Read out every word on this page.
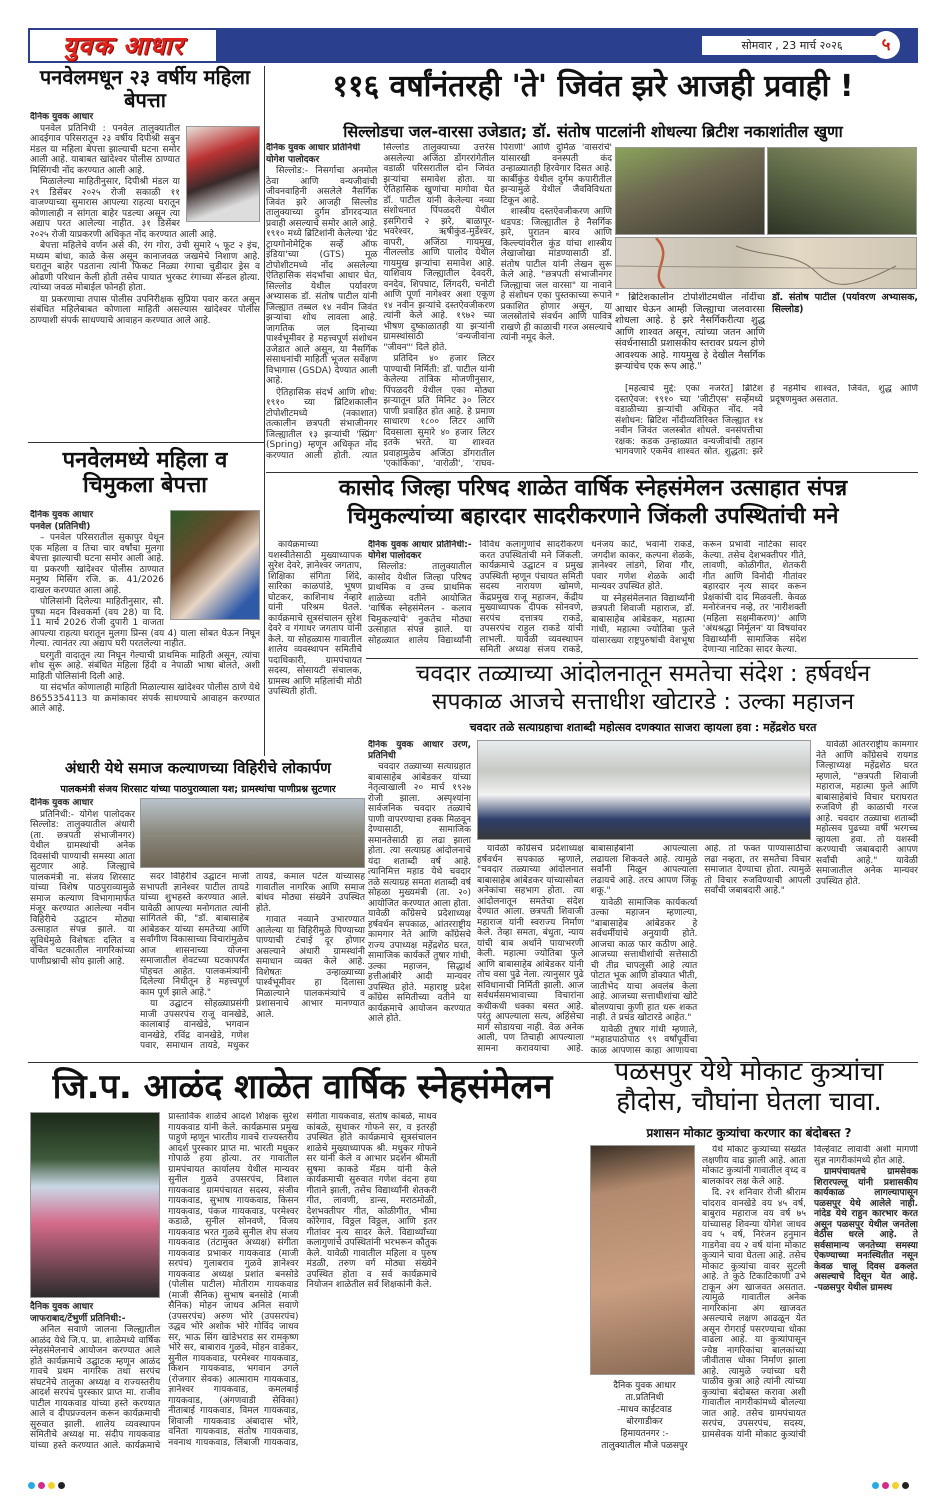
युवक आधार	सोमवार , 23 मार्च २०२६	५
पनवेलमधून २३ वर्षीय महिला बेपत्ता

दैनिक युवक आधार

पनवेल प्रतिनिधी : पनवेल तालुक्यातील आदईगाव परिसरातून २३ वर्षीय दिपीश्री सबुन मंडल या महिला बेपत्ता झाल्याची घटना समोर आली आहे. याबाबत खांदेश्वर पोलीस ठाण्यात मिसिंगची नोंद करण्यात आली आहे.

मिळालेल्या माहितीनुसार, दिपीश्री मंडल या २९ डिसेंबर २०२५ रोजी सकाळी ११ वाजण्याच्या सुमारास आपल्या राहत्या घरातून कोणालाही न सांगता बाहेर पडल्या असून त्या अद्याप परत आलेल्या नाहीत. ३१ डिसेंबर २०२५ रोजी याप्रकरणी अधिकृत नोंद करण्यात आली आहे.

बेपत्ता महिलेचे वर्णन असे की, रंग गोरा, उंची सुमारे ५ फूट २ इंच, मध्यम बांधा, काळे केस असून कानाजवळ जखमेचे निशाण आहे. घरातून बाहेर पडताना त्यांनी फिकट निळ्या रंगाचा चुडीदार ड्रेस व ओढणी परिधान केली होती तसेच पायात भुरकट रंगाच्या सॅन्डल होत्या. त्यांच्या जवळ मोबाईल फोनही होता.

या प्रकरणाचा तपास पोलीस उपनिरीक्षक सुप्रिया पवार करत असून संबंधित महिलेबाबत कोणाला माहिती असल्यास खांदेश्वर पोलीस ठाण्याशी संपर्क साधण्याचे आवाहन करण्यात आले आहे.

पनवेलमध्ये महिला व चिमुकला बेपत्ता

दैनिक युवक आधार

पनवेल (प्रतिनिधी)

– पनवेल परिसरातील सुकापुर येथून एक महिला व तिचा चार वर्षांचा मुलगा बेपत्ता झाल्याची घटना समोर आली आहे. या प्रकरणी खांदेश्वर पोलीस ठाण्यात मनुष्य मिसिंग रजि. क्र. 41/2026 दाखल करण्यात आला आहे.

पोलिसांनी दिलेल्या माहितीनुसार, सौ. पुष्पा मदन विश्वकर्मा (वय 28) या दि. 11 मार्च 2026 रोजी दुपारी 1 वाजता आपल्या राहत्या घरातून मुलगा प्रिन्स (वय 4) याला सोबत घेऊन निघून गेल्या. त्यानंतर त्या अद्याप घरी परतलेल्या नाहीत.

घरगुती वादातून त्या निघून गेल्याची प्राथमिक माहिती असून, त्यांचा शोध सुरू आहे. संबंधित महिला हिंदी व नेपाळी भाषा बोलते, अशी माहिती पोलिसांनी दिली आहे.

या संदर्भात कोणालाही माहिती मिळाल्यास खांदेश्वर पोलीस ठाणे येथे 8655354113 या क्रमांकावर संपर्क साधण्याचे आवाहन करण्यात आले आहे.

अंधारी येथे समाज कल्याणच्या विहिरीचे लोकार्पण
पालकमंत्री संजय शिरसाट यांच्या पाठपुराव्याला यश; ग्रामस्थांचा पाणीप्रश्न सुटणार

दैनिक युवक आधार

प्रतिनिधी:- योगेश पालोदकर सिल्लोड: तालुक्यातील अंधारी (ता. छत्रपती संभाजीनगर) येथील ग्रामस्थांची अनेक दिवसांची पाण्याची समस्या आता सुटणार आहे. जिल्ह्याचे पालकमंत्री ना. संजय शिरसाट यांच्या विशेष पाठपुराव्यामुळे समाज कल्याण विभागामार्फत मंजूर करण्यात आलेल्या नवीन विहिरीचे उद्घाटन मोठ्या उत्साहात संपन्न झाले. या सुविधेमुळे विशेषतः दलित व वंचित घटकातील नागरिकांच्या पाणीप्रश्नाची सोय झाली आहे.

सदर विहिरीचे उद्घाटन माजी सभापती ज्ञानेश्वर पाटील तायडे यांच्या शुभहस्ते करण्यात आले. यावेळी आपल्या मनोगतात त्यांनी सांगितले की, "डॉ. बाबासाहेब आंबेडकर यांच्या समतेच्या आणि सर्वांगीण विकासाच्या विचारांमुळेच आज शासनाच्या योजना समाजातील शेवटच्या घटकापर्यंत पोहचत आहेत. पालकमंत्र्यांनी दिलेल्या निधीतून हे महत्त्वपूर्ण काम पूर्ण झाले आहे."

या उद्घाटन सोहळ्याप्रसंगी माजी उपसरपंच राजू वानखेडे, कालाबाई वानखेडे, भगवान वानखेडे, रविंद्र वानखेडे, गणेश पवार, समाधान तायडे, मधुकर तायडे, कमाल पटेल यांच्यासह गावातील नागरिक आणि समाज बांधव मोठ्या संख्येने उपस्थित होते.

गावात नव्याने उभारण्यात आलेल्या या विहिरीमुळे पिण्याच्या पाण्याची टंचाई दूर होणार असल्याने अंधारी ग्रामस्थांनी समाधान व्यक्त केले आहे. विशेषतः उन्हाळ्याच्या पार्श्वभूमीवर हा दिलासा मिळाल्याने पालकमंत्र्यांचे व प्रशासनाचे आभार मानण्यात आले.

११६ वर्षांनंतरही 'ते' जिवंत झरे आजही प्रवाही !
सिल्लोडचा जल-वारसा उजेडात; डॉ. संतोष पाटलांनी शोधल्या ब्रिटीश नकाशांतील खुणा

दैनिक युवक आधार प्रतिनिधी

योगेश पालोदकर

सिल्लोड:- निसर्गाचा अनमोल ठेवा आणि वन्यजीवांची जीवनवाहिनी असलेले नैसर्गिक जिवंत झरे आजही सिल्लोड तालुक्याच्या दुर्गम डोंगरदऱ्यात प्रवाही असल्याचे समोर आले आहे. १९१० मध्ये ब्रिटिशांनी केलेल्या 'ग्रेट ट्रायगोनोमेट्रिक सर्व्हे ऑफ इंडिया'च्या (GTS) मूळ टोपोशीटमध्ये नोंद असलेल्या ऐतिहासिक संदर्भांचा आधार घेत, सिल्लोड येथील पर्यावरण अभ्यासक डॉ. संतोष पाटील यांनी जिल्ह्यात तब्बल १४ नवीन जिवंत झऱ्यांचा शोध लावला आहे. जागतिक जल दिनाच्या पार्श्वभूमीवर हे महत्त्वपूर्ण संशोधन उजेडात आले असून, या नैसर्गिक संसाधनांची माहिती भूजल सर्वेक्षण विभागास (GSDA) देण्यात आली आहे.

ऐतिहासिक संदर्भ आणि शोध: १९१० च्या ब्रिटिशकालीन टोपोशीटमध्ये (नकाशात) तत्कालीन छत्रपती संभाजीनगर जिल्ह्यातील १३ झऱ्यांची 'स्प्रिंग' (Spring) म्हणून अधिकृत नोंद करण्यात आली होती. त्यात सिल्लोड तालुक्याच्या उत्तरेस असलेल्या अजिंठा डोंगररांगेतील वडाळी परिसरातील दोन जिवंत झऱ्यांचा समावेश होता. या ऐतिहासिक खुणांचा मागोवा घेत डॉ. पाटील यांनी केलेल्या नव्या संशोधनात पिंपळदरी येथील इसगिराचे २ झरे, बाळापूर-भवरेश्वर, ऋषीकुंड-मुर्डेश्वर, वापरी, अजिंठा गायमुख, नीलल्लोड आणि पालोद येथील गायमुख झऱ्यांचा समावेश आहे. याशिवाय जिल्ह्यातील देवदरी, वनदेव, शिपघाट, लिंगदरी, चनोटी आणि पूर्णा नागेश्वर अशा एकूण १४ नवीन झऱ्यांचे दस्तऐवजीकरण त्यांनी केले आहे. १९७२ च्या भीषण दुष्काळातही या झऱ्यांनी ग्रामस्थांसाठी 'वन्यजीवांना "जीवन"' दिले होते.

प्रतिदिन ४० हजार लिटर पाण्याची निर्मिती: डॉ. पाटील यांनी केलेल्या तांत्रिक मोजणीनुसार, पिंपळदरी येथील एका मोठ्या झऱ्यातून प्रति मिनिट ३० लिटर पाणी प्रवाहित होत आहे. हे प्रमाण साधारण १८०० लिटर आणि दिवसाला सुमारे ४० हजार लिटर इतके भरते. या शाश्वत प्रवाहामुळेच अजिंठा डोंगरातील 'एकांकिका', 'वारोळी', 'राघव-पिराणी' आणि दुर्मिळ 'वासरांचे' यांसारखी वनस्पती कंद उन्हाळ्यातही हिरवेगार दिसत आहे. कार्बीकुंड येथील दुर्गम कपारीतील झऱ्यामुळे येथील जैवविविधता टिकून आहे.

शास्त्रीय दस्तऐवजीकरण आणि धडपड: जिल्ह्यातील हे नैसर्गिक झरे, पुरातन बारव आणि किल्ल्यांवरील कुंड यांचा शास्त्रीय लेखाजोखा मांडण्यासाठी डॉ. संतोष पाटील यांनी लेखन सुरू केले आहे. "छत्रपती संभाजीनगर जिल्ह्याचा जल वारसा" या नावाने हे संशोधन एका पुस्तकाच्या रूपाने प्रकाशित होणार असून, या जलस्रोतांचे संवर्धन आणि पावित्र राखणे ही काळाची गरज असल्याचे त्यांनी नमूद केले.

" ब्रिटिशकालीन टोपोशीटमधील नोंदींचा आधार घेऊन आम्ही जिल्ह्याचा जलवारसा शोधला आहे. हे झरे नैसर्गिकरीत्या शुद्ध आणि शाश्वत असून, त्यांच्या जतन आणि संवर्धनासाठी प्रशासकीय स्तरावर प्रयत्न होणे आवश्यक आहे. गायमुख हे देखील नैसर्गिक झऱ्यांचेच एक रूप आहे."
डॉ. संतोष पाटील (पर्यावरण अभ्यासक, सिल्लोड)

[महत्वाचे मुद्दे: एका नजरेत] ब्रिटिश दस्तऐवज: १९१० च्या 'जीटीएस' सर्व्हेमध्ये वडाळीच्या झऱ्यांची अधिकृत नोंद. नवे संशोधन: ब्रिटिश नोंदीव्यतिरिक्त जिल्ह्यात १४ नवीन जिवंत जलस्त्रोत शोधले. वनसंपत्तीचा रक्षक: कडक उन्हाळ्यात वन्यजीवांची तहान भागवणारे एकमेव शाश्वत स्रोत. शुद्धता: झरे हे नहमीच शाश्वत, जिवंत, शुद्ध आणि प्रदूषणमुक्त असतात.

कासोद जिल्हा परिषद शाळेत वार्षिक स्नेहसंमेलन उत्साहात संपन्न
चिमुकल्यांच्या बहारदार सादरीकरणाने जिंकली उपस्थितांची मने

कार्यक्रमाच्या यशस्वीतेसाठी मुख्याध्यापक सुरेश देवरे, ज्ञानेश्वर जगताप, शिक्षिका संगिता शिंदे, सारिका काळपांडे, भूषण घोटकर, काशिनाथ नेव्हारे यांनी परिश्रम घेतले. कार्यक्रमाचे सूत्रसंचालन सुरेश देवरे व गंगाधर जगताप यांनी केले. या सोहळ्यास गावातील शालेय व्यवस्थापन समितीचे पदाधिकारी, ग्रामपंचायत सदस्य, सोसायटी संचालक, ग्रामस्थ आणि महिलांची मोठी उपस्थिती होती.

दैनिक युवक आधार प्रतिनिधी:- योगेश पालोदकर

सिल्लोड: तालुक्यातील कासोद येथील जिल्हा परिषद प्राथमिक व उच्च प्राथमिक शाळेच्या वतीने आयोजित 'वार्षिक स्नेहसंमेलन - कलाव चिमुकल्यांचे' नुकतेच मोठ्या उत्साहात संपन्न झाले. या सोहळ्यात शालेय विद्यार्थ्यांनी विविध कलागुणांचे सादरीकरण करत उपस्थितांची मने जिंकली. कार्यक्रमाचे उद्घाटन व प्रमुख उपस्थिती म्हणून पंचायत समिती सदस्य नारायण खोमणे, केंद्रप्रमुख राजू महाजन, केंद्रीय मुख्याध्यापक दीपक सोनवणे, सरपंच दत्तात्रय राकडे, उपसरपंच राहुल राकडे यांची लाभली. यावेळी व्यवस्थापन समिती अध्यक्ष संजय राकडे, धनंजय काटे, भवानी राकडे, जगदीश काकर, कल्पना शेळके, ज्ञानेश्वर लांडगे, शिवा गौर, पवार गणेश शेळके आदी मान्यवर उपस्थित होते.

या स्नेहसंमेलनात विद्यार्थ्यांनी छत्रपती शिवाजी महाराज, डॉ. बाबासाहेब आंबेडकर, महात्मा गांधी, महात्मा ज्योतिबा फुले यांसारख्या राष्ट्रपुरुषांची वेशभूषा करून प्रभावी नाटिका सादर केल्या. तसेच देशभक्तीपर गीते, लावणी, कोळीगीत, शेतकरी गीत आणि विनोदी गीतांवर बहारदार नृत्य सादर करून प्रेक्षकांची दाद मिळवली. केवळ मनोरंजनच नव्हे, तर 'नारीशक्ती (महिला सक्षमीकरण)' आणि 'अंधश्रद्धा निर्मूलन' या विषयांवर विद्यार्थ्यांनी सामाजिक संदेश देणाऱ्या नाटिका सादर केल्या.

चवदार तळ्याच्या आंदोलनातून समतेचा संदेश : हर्षवर्धन
सपकाळ आजचे सत्ताधीश खोटारडे : उल्का महाजन
चवदार तळे सत्याग्रहाचा शताब्दी महोत्सव दणक्यात साजरा व्हायला हवा : महेंद्रशेठ घरत

दैनिक युवक आधार उरण, प्रतिनिधी

चवदार तळ्याच्या सत्याग्रहात बाबासाहेब आंबेडकर यांच्या नेतृत्वाखाली २० मार्च १९२७ रोजी झाला. अस्पृश्यांना सार्वजनिक चवदार तळ्याचे पाणी वापरण्याचा हक्क मिळवून देण्यासाठी, सामाजिक समानतेसाठी हा लढा झाला होता. त्या सत्याग्रह आंदोलनाचे यंदा शताब्दी वर्ष आहे. त्यानिमित्त महाड येथे चवदार तळे सत्याग्रह समता शताब्दी वर्ष सोहळा मुख्यमंत्री (ता. २०) आयोजित करण्यात आला होता. यावेळी काँग्रेसचे प्रदेशाध्यक्ष हर्षवर्धन सपकाळ, आंतरराष्ट्रीय कामगार नेते आणि काँग्रेसचे राज्य उपाध्यक्ष महेंद्रशेठ घरत, सामाजिक कार्यकर्ते तुषार गांधी, उल्का महाजन, सिद्धार्थ हत्तीआंबीरे आदी मान्यवर उपस्थित होते. महाराष्ट्र प्रदेश काँग्रेस समितीच्या वतीने या कार्यक्रमाचे आयोजन करण्यात आले होते.

यावेळी काँग्रेसचे प्रदेशाध्यक्ष हर्षवर्धन सपकाळ म्हणाले, "चवदार तळ्याच्या आंदोलनात बाबासाहेब आंबेडकर यांच्यासोबत अनेकांचा सहभाग होता. त्या आंदोलनातून समतेचा संदेश देण्यात आला. छत्रपती शिवाजी महाराज यांनी स्वराज्य निर्माण केले. तेव्हा समता, बंधुता, न्याय यांची बाब अर्थाने पायाभरणी केली. महात्मा ज्योतिबा फुले आणि बाबासाहेब आंबेडकर यांनी तोच वसा पुढे नेला. त्यानुसार पुढे संविधानाची निर्मिती झाली. आज सर्वधर्मसमभावाच्या विचारांना कधीकधी धक्का बसत आहे. परंतु आपल्याला सत्य, अहिंसेचा मार्ग सोडायचा नाही. वेळ अनेक आली, पण तिचाही आपल्याला सामना करावयाचा आहे. बाबासाहेबांनी आपल्याला लढायला शिकवले आहे. त्यामुळे सर्वांनी मिळून आपल्याला लढायचे आहे. तरच आपण जिंकू शकू."

यावेळी सामाजिक कार्यकर्त्या उल्का महाजन म्हणाल्या, "बाबासाहेब आंबेडकर हे सर्वधर्मीयांचे अनुयायी होते. आजचा काळ फार कठीण आहे. आजच्या सत्ताधीशांची सत्तेसाठी ची तीव्र चापलूसी आहे त्यात पोटात भूक आणि डोक्यात भीती, जातीभेद याचा अवलंब केला आहे. आजच्या सत्ताधीशांचा खोटे बोलण्याचा कुणी हात धरू शकत नाही. ते प्रचंड खोटारडे आहेत."

यावेळी तुषार गांधी म्हणाले, "महाडपाठोपाठ ९९ वर्षांपूर्वीचा काळ आपणास काहा आणायचा आहे. तो फक्त पाण्यासाठीचा लढा नव्हता, तर समतेचा विचार समाजात देण्याचा होता. त्यामुळे तो विचार रुजविण्याची आपली सर्वांची जबाबदारी आहे."

यावेळी आंतरराष्ट्रीय कामगार नेते आणि काँग्रेसचे रायगड जिल्हाध्यक्ष महेंद्रशेठ घरत म्हणाले, "छत्रपती शिवाजी महाराज, महात्मा फुले आणि बाबासाहेबांचे विचार घराघरात रुजविणे ही काळाची गरज आहे. चवदार तळ्याचा शताब्दी महोत्सव पुढच्या वर्षी भरगच्च व्हायला हवा. तो यशस्वी करण्याची जबाबदारी आपण सर्वांची आहे." यावेळी समाजातील अनेक मान्यवर उपस्थित होते.

जि.प. आळंद शाळेत वार्षिक स्नेहसंमेलन

दैनिक युवक आधार

जाफराबाद/टेंभुर्णी प्रतिनिधी:-

अनिल सवाणे जालना जिल्ह्यातील आळंद येथे जि.प. प्रा. शाळेमध्ये वार्षिक स्नेहसंमेलनाचे आयोजन करण्यात आले होते कार्यक्रमाचे उद्घाटक म्हणून आळंद गावचे प्रथम नागरिक तथा सरपंच संघटनेचे तालुका अध्यक्ष व राज्यस्तरीय आदर्श सरपंच पुरस्कार प्राप्त मा. राजीव पाटील गायकवाड यांच्या हस्ते करण्यात आले व दीपप्रज्वलन करून कार्यक्रमाची सुरुवात झाली. शालेय व्यवस्थापन समितीचे अध्यक्ष मा. संदीप गायकवाड यांच्या हस्ते करण्यात आले. कार्यक्रमाचे प्रास्ताविक शाळेचे आदर्श शिक्षक सुरेश गायकवाड यांनी केले. कार्यक्रमास प्रमुख पाहुणे म्हणून भारतीय गावचे राज्यस्तरीय आदर्श पुरस्कार प्राप्त मा. भारती मधुकर गोपाळे हया होत्या. तर गावातील ग्रामपंचायत कार्यालय येथील मान्यवर सुनील गुळवे उपसरपंच, विशाल गायकवाड ग्रामपंचायत सदस्य, संजीव गायकवाड, सुभाष गायकवाड, किसन गायकवाड, पंकज गायकवाड, परमेश्वर कडाळे, सुनील सोनवणे, विजय गायकवाड भरत गुळवे सुनील शेप संजय गायकवाड (तंटामुक्त अध्यक्ष) संगीता गायकवाड प्रभाकर गायकवाड (माजी सरपंच) गुलाबराव गुळवे ज्ञानेश्वर गायकवाड अध्यक्ष प्रशांत बनसोडे (पोलीस पाटील) मोतीराम गायकवाड (माजी सैनिक) सुभाष बनसोडे (माजी सैनिक) मोहन जाधव अनिल सवाणे (उपसरपंच) अरुण भोरे (उपसरपंच) उद्धव भोरे अशोक भोरे गोविंद जाधव सर, भाऊ सिंग खांडेभराड सर रामकृष्ण भोरे सर, बाबाराव गुळवे, मोहन वाडेकर, सुनील गायकवाड, परमेश्वर गायकवाड, किशन गायकवाड, भगवान उगले (रोजगार सेवक) आत्माराम गायकवाड, ज्ञानेश्वर गायकवाड, कमलबाई गायकवाड, (अंगणवाडी सेविका) नीताबाई गायकवाड, विमल गायकवाड, शिवाजी गायकवाड अंबादास भोरे, वनिता गायकवाड, संतोष गायकवाड, नवनाथ गायकवाड, लिंबाजी गायकवाड, संगीता गायकवाड, संतोष कांबळे, माधव कांबळे, सुधाकर गोफने सर, व इतरही उपस्थित होते कार्यक्रमाचे सूत्रसंचालन शाळेचे मुख्याध्यापक श्री. मधुकर गोफने सर यांनी केले व आभार प्रदर्शन श्रीमती सुषमा काकडे मॅडम यांनी केले कार्यक्रमाची सुरुवात गणेश वंदना हया गीताने झाली, तसेच विद्यार्थ्यांनी शेतकरी गीत, लावणी, डान्स, मराठमोळी, देशभक्तीपर गीत, कोळीगीत, भीमा कोरेगाव, विठ्ठल विठ्ठल, आणि इतर गीतांवर नृत्य सादर केले. विद्यार्थ्यांच्या कलागुणांचे उपस्थितांनी भरभरून कौतुक केले. यावेळी गावातील महिला व पुरुष मंडळी, तरुण वर्ग मोठ्या संख्येने उपस्थित होता व सर्व कार्यक्रमाचे नियोजन शाळेतील सर्व शिक्षकांनी केले.

पळसपुर येथे मोकाट कुत्र्यांचा हौदोस, चौघांना घेतला चावा.
प्रशासन मोकाट कुत्र्यांचा करणार का बंदोबस्त ?
दैनिक युवक आधार
ता.प्रतिनिधी
-माधव काईटवाड
बोरगाडीकर
हिमायतनगर :-
तालुक्यातील मौजे पळसपुर

येथे मोकाट कुत्र्यांच्या संख्येत लक्षणीय वाढ झाली आहे. आता मोकाट कुत्र्यांनी गावातील वृध्द व बालकांवर लक्ष केले आहे.

दि. २१ शनिवार रोजी श्रीराम चांदराव वानखेडे वय ४५ वर्ष, बाबुराव महाराज वय वर्ष ७५ यांच्यासह शिवन्या योगेश जाधव वय ५ वर्ष, निरंजन हनुमान गाडगेवा वय २ वर्ष यांना मोकाट कुत्र्याने चावा घेतला आहे. तसेच मोकाट कुत्र्यांचा वावर सुटली आहे. ते कुठे टिकाटिकाणी उभे टाकून अंग खाजवत असतात. त्यामुळे गावातील अनेक नागरिकांना अंग खाजवत असल्याचे लक्षण आढळून येत असून रोगराई पसरण्याचा धोका वाढला आहे. या कुत्र्यांपासून ज्येष्ठ नागरिकांचा बालकांच्या जीवीतास धोका निर्माण झाला आहे. त्यामुळे ज्यांच्या घरी पाळीव कुत्रा आहे त्यांनी त्यांच्या कुत्र्यांचा बंदोबस्त करावा अशी गावातील नागरीकांमध्ये बोलल्या जात आहे. तसेच ग्रामपंचायत सरपंच, उपसरपंच, सदस्य, ग्रामसेवक यांनी मोकाट कुत्र्यांची विल्हेवाट लावावी अशी मागणी सुज्ञ नागरीकांमध्ये होत आहे.

ग्रामपंचायतचे ग्रामसेवक शिरारपल्लू यांनी प्रशासकीय कार्यकाळ लागल्यापासून पळसपुर येथे आलेले नाही. नांदेड येथे राहुन कारभार करत असून पळसपुर येथील जनतेला वेठीस धरले आहे. ते सर्वसामान्य जनतेच्या समस्या ऐकण्याच्या मनःस्थितीत नसून केवळ चालू दिवस ढकलत असल्याचे दिसून येत आहे. -पळसपुर येथील ग्रामस्थ
